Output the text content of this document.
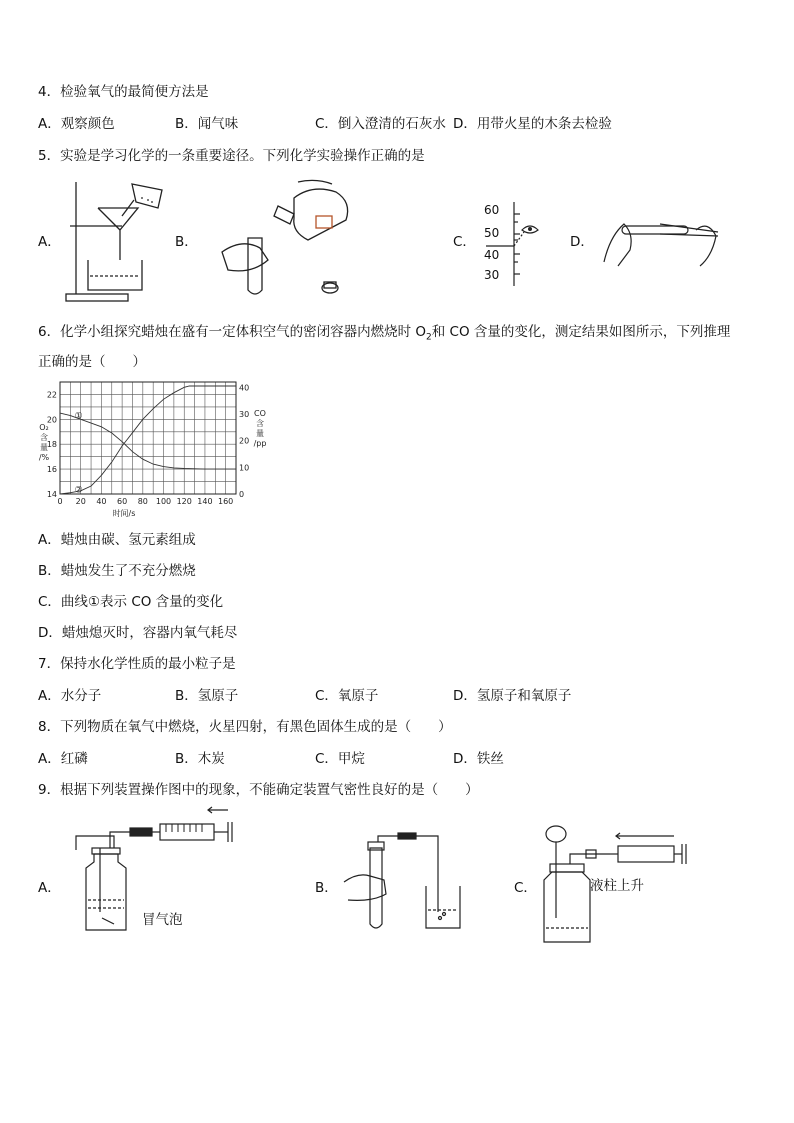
4．检验氧气的最简便方法是
A．观察颜色	B．闻气味	C．倒入澄清的石灰水 D．用带火星的木条去检验
5．实验是学习化学的一条重要途径。下列化学实验操作正确的是
A．	B．	C．	D．
60
50
40
30
6．化学小组探究蜡烛在盛有一定体积空气的密闭容器内燃烧时 $O_2$和 CO 含量的变化，测定结果如图所示，下列推理
正确的是（　　）
0 20 40 60 80 100 120 140 160
14
16
18
20
22
0
10
20
30
40
时间/s
O₂
含
量
/%
CO
含
量
/pp
①
②
A．蜡烛由碳、氢元素组成
B．蜡烛发生了不充分燃烧
C．曲线①表示 CO 含量的变化
D．蜡烛熄灭时，容器内氧气耗尽
7．保持水化学性质的最小粒子是
A．水分子	B．氢原子	C．氧原子	D．氢原子和氧原子
8．下列物质在氧气中燃烧，火星四射，有黑色固体生成的是（　　）
A．红磷	B．木炭	C．甲烷	D．铁丝
9．根据下列装置操作图中的现象，不能确定装置气密性良好的是（　　）
A．	B．	C．
冒气泡
液柱上升
